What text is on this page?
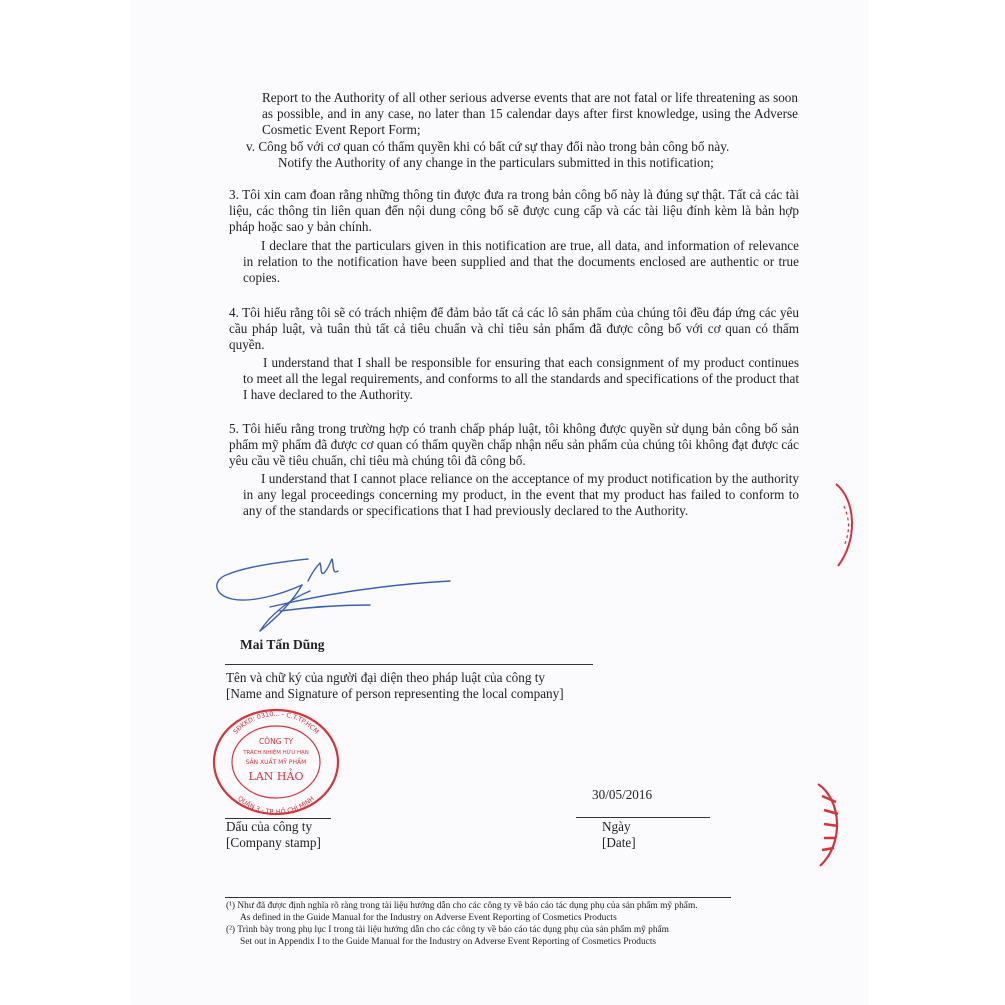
Report to the Authority of all other serious adverse events that are not fatal or life threatening as soon as possible, and in any case, no later than 15 calendar days after first knowledge, using the Adverse Cosmetic Event Report Form;
v. Công bố với cơ quan có thẩm quyền khi có bất cứ sự thay đổi nào trong bản công bố này.
Notify the Authority of any change in the particulars submitted in this notification;
3. Tôi xin cam đoan rằng những thông tin được đưa ra trong bản công bố này là đúng sự thật. Tất cả các tài liệu, các thông tin liên quan đến nội dung công bố sẽ được cung cấp và các tài liệu đính kèm là bản hợp pháp hoặc sao y bản chính.
I declare that the particulars given in this notification are true, all data, and information of relevance in relation to the notification have been supplied and that the documents enclosed are authentic or true copies.
4. Tôi hiểu rằng tôi sẽ có trách nhiệm để đảm bảo tất cả các lô sản phẩm của chúng tôi đều đáp ứng các yêu cầu pháp luật, và tuân thủ tất cả tiêu chuẩn và chỉ tiêu sản phẩm đã được công bố với cơ quan có thẩm quyền.
I understand that I shall be responsible for ensuring that each consignment of my product continues to meet all the legal requirements, and conforms to all the standards and specifications of the product that I have declared to the Authority.
5. Tôi hiểu rằng trong trường hợp có tranh chấp pháp luật, tôi không được quyền sử dụng bản công bố sản phẩm mỹ phẩm đã được cơ quan có thẩm quyền chấp nhận nếu sản phẩm của chúng tôi không đạt được các yêu cầu về tiêu chuẩn, chỉ tiêu mà chúng tôi đã công bố.
I understand that I cannot place reliance on the acceptance of my product notification by the authority in any legal proceedings concerning my product, in the event that my product has failed to conform to any of the standards or specifications that I had previously declared to the Authority.
Mai Tấn Dũng
Tên và chữ ký của người đại diện theo pháp luật của công ty
[Name and Signature of person representing the local company]
SĐKKD: 0310... - C.T.TP.HCM
QUẬN 3 - TP. HỒ CHÍ MINH
CÔNG TY
TRÁCH NHIỆM HỮU HẠN
SẢN XUẤT MỸ PHẨM
LAN HẢO
Dấu của công ty
[Company stamp]
30/05/2016
Ngày
[Date]
(¹) Như đã được định nghĩa rõ ràng trong tài liệu hướng dẫn cho các công ty về báo cáo tác dụng phụ của sản phẩm mỹ phẩm.
As defined in the Guide Manual for the Industry on Adverse Event Reporting of Cosmetics Products
(²) Trình bày trong phụ lục I trong tài liệu hướng dẫn cho các công ty về báo cáo tác dụng phụ của sản phẩm mỹ phẩm
Set out in Appendix I to the Guide Manual for the Industry on Adverse Event Reporting of Cosmetics Products
